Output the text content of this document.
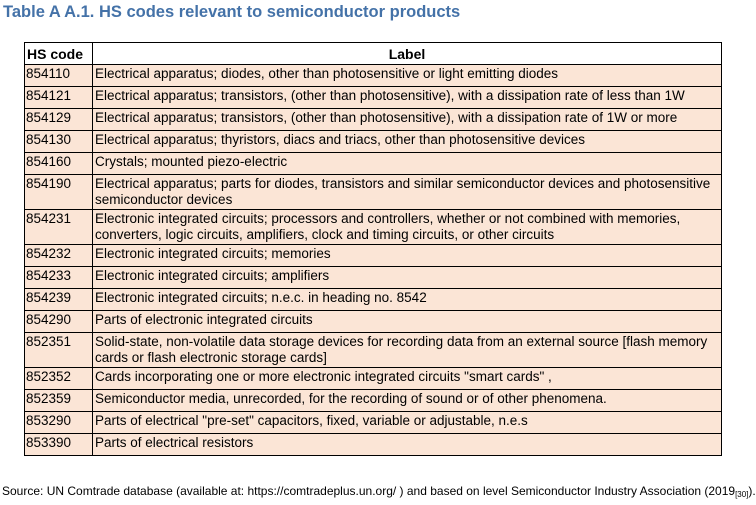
Table A A.1. HS codes relevant to semiconductor products
HS code	Label
854110	Electrical apparatus; diodes, other than photosensitive or light emitting diodes
854121	Electrical apparatus; transistors, (other than photosensitive), with a dissipation rate of less than 1W
854129	Electrical apparatus; transistors, (other than photosensitive), with a dissipation rate of 1W or more
854130	Electrical apparatus; thyristors, diacs and triacs, other than photosensitive devices
854160	Crystals; mounted piezo-electric
854190	Electrical apparatus; parts for diodes, transistors and similar semiconductor devices and photosensitive semiconductor devices
854231	Electronic integrated circuits; processors and controllers, whether or not combined with memories, converters, logic circuits, amplifiers, clock and timing circuits, or other circuits
854232	Electronic integrated circuits; memories
854233	Electronic integrated circuits; amplifiers
854239	Electronic integrated circuits; n.e.c. in heading no. 8542
854290	Parts of electronic integrated circuits
852351	Solid-state, non-volatile data storage devices for recording data from an external source [flash memory cards or flash electronic storage cards]
852352	Cards incorporating one or more electronic integrated circuits "smart cards" ,
852359	Semiconductor media, unrecorded, for the recording of sound or of other phenomena.
853290	Parts of electrical "pre-set" capacitors, fixed, variable or adjustable, n.e.s
853390	Parts of electrical resistors
Source: UN Comtrade database (available at: https://comtradeplus.un.org/ ) and based on level Semiconductor Industry Association $(2019_{[30]})$.
